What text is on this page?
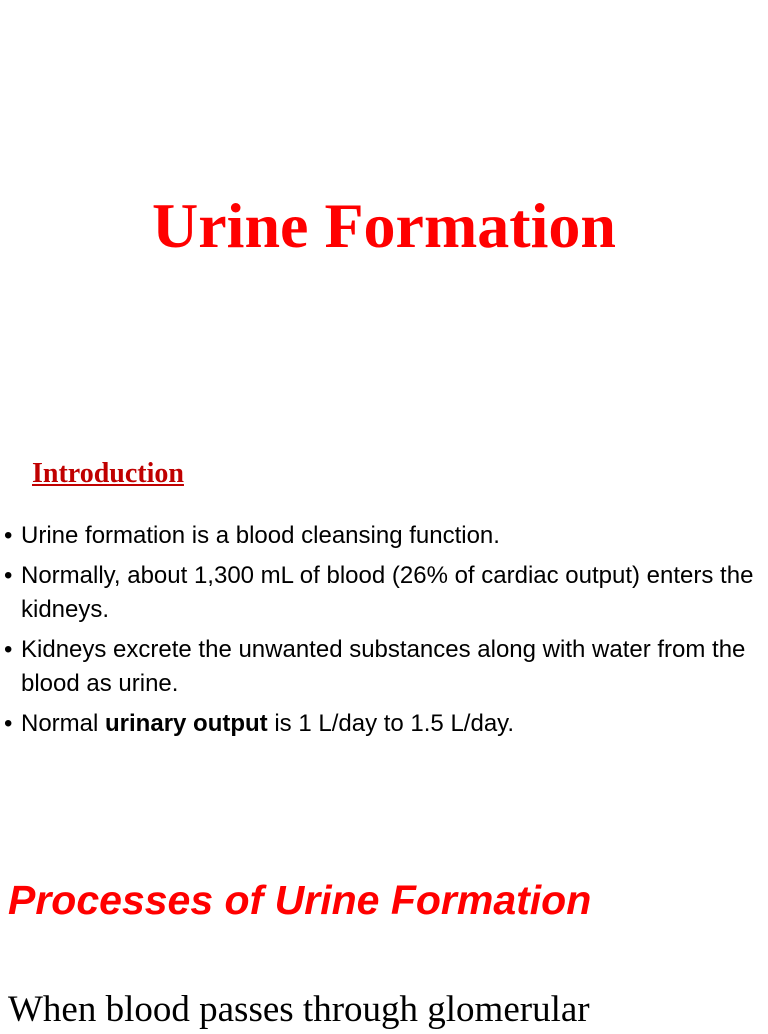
Urine Formation
Introduction
• Urine formation is a blood cleansing function.
• Normally, about 1,300 mL of blood (26% of cardiac output) enters the kidneys.
• Kidneys excrete the unwanted substances along with water from the blood as urine.
• Normal urinary output is 1 L/day to 1.5 L/day.
Processes of Urine Formation

When blood passes through glomerular
